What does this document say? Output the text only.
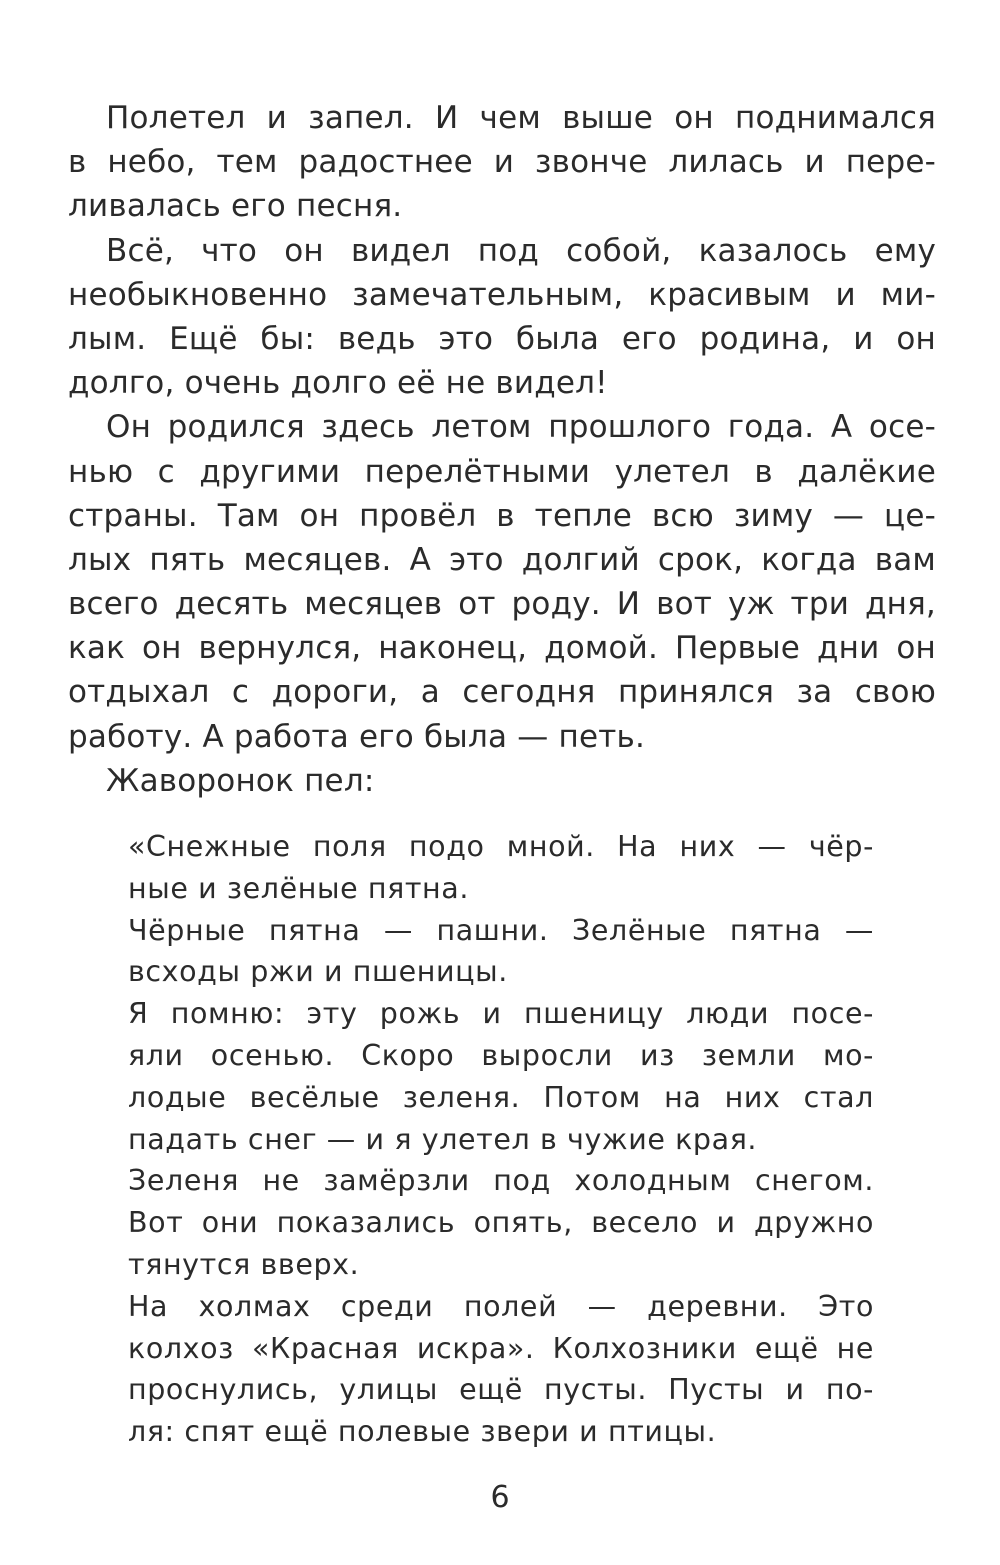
Полетел и запел. И чем выше он поднимался
в небо, тем радостнее и звонче лилась и пере-
ливалась его песня.
Всё, что он видел под собой, казалось ему
необыкновенно замечательным, красивым и ми-
лым. Ещё бы: ведь это была его родина, и он
долго, очень долго её не видел!
Он родился здесь летом прошлого года. А осе-
нью с другими перелётными улетел в далёкие
страны. Там он провёл в тепле всю зиму — це-
лых пять месяцев. А это долгий срок, когда вам
всего десять месяцев от роду. И вот уж три дня,
как он вернулся, наконец, домой. Первые дни он
отдыхал с дороги, а сегодня принялся за свою
работу. А работа его была — петь.
Жаворонок пел:
«Снежные поля подо мной. На них — чёр-
ные и зелёные пятна.
Чёрные пятна — пашни. Зелёные пятна —
всходы ржи и пшеницы.
Я помню: эту рожь и пшеницу люди посе-
яли осенью. Скоро выросли из земли мо-
лодые весёлые зеленя. Потом на них стал
падать снег — и я улетел в чужие края.
Зеленя не замёрзли под холодным снегом.
Вот они показались опять, весело и дружно
тянутся вверх.
На холмах среди полей — деревни. Это
колхоз «Красная искра». Колхозники ещё не
проснулись, улицы ещё пусты. Пусты и по-
ля: спят ещё полевые звери и птицы.
6
